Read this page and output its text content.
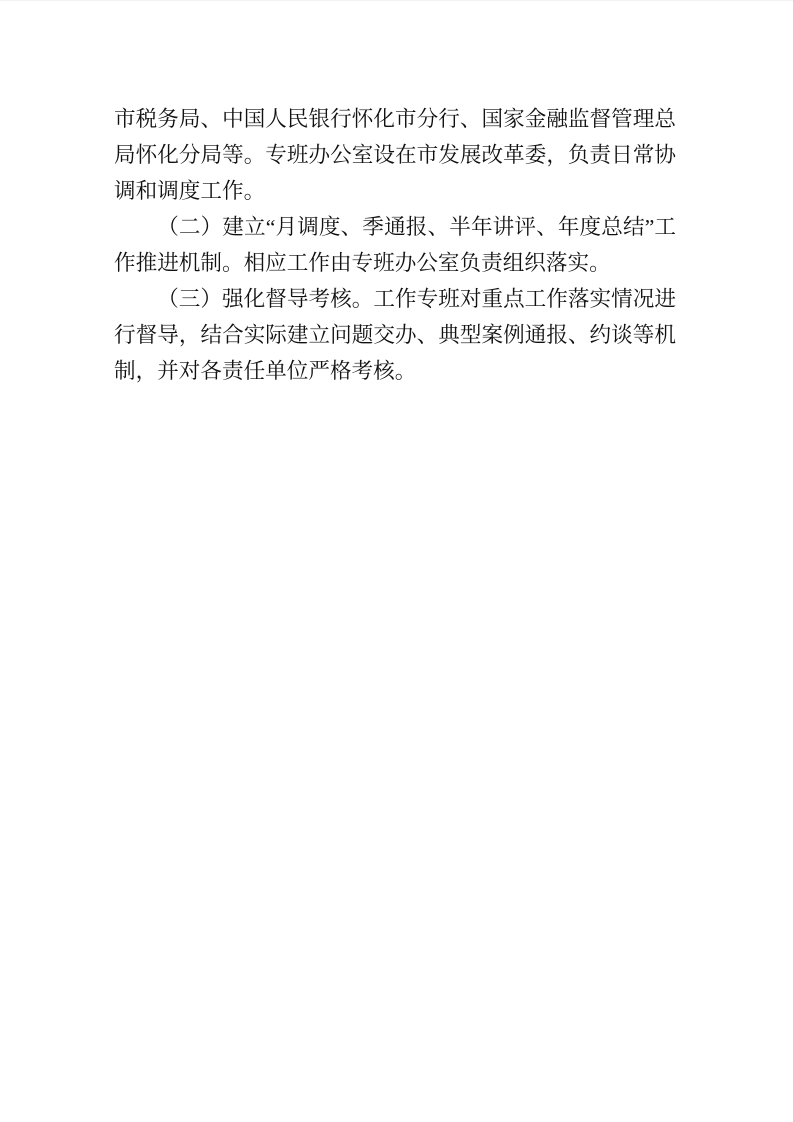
市税务局、中国人民银行怀化市分行、国家金融监督管理总局怀化分局等。专班办公室设在市发展改革委，负责日常协调和调度工作。

（二）建立“月调度、季通报、半年讲评、年度总结”工作推进机制。相应工作由专班办公室负责组织落实。

（三）强化督导考核。工作专班对重点工作落实情况进行督导，结合实际建立问题交办、典型案例通报、约谈等机制，并对各责任单位严格考核。
